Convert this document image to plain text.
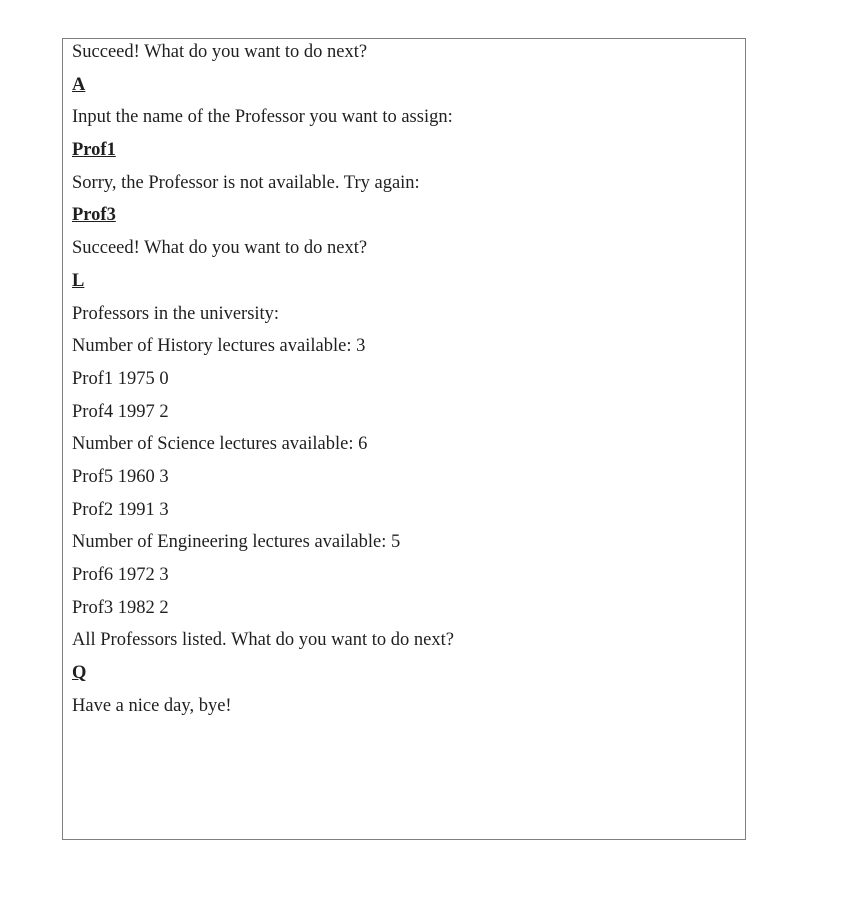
Succeed! What do you want to do next?
A
Input the name of the Professor you want to assign:
Prof1
Sorry, the Professor is not available. Try again:
Prof3
Succeed! What do you want to do next?
L
Professors in the university:
Number of History lectures available: 3
Prof1 1975 0
Prof4 1997 2
Number of Science lectures available: 6
Prof5 1960 3
Prof2 1991 3
Number of Engineering lectures available: 5
Prof6 1972 3
Prof3 1982 2
All Professors listed. What do you want to do next?
Q
Have a nice day, bye!
